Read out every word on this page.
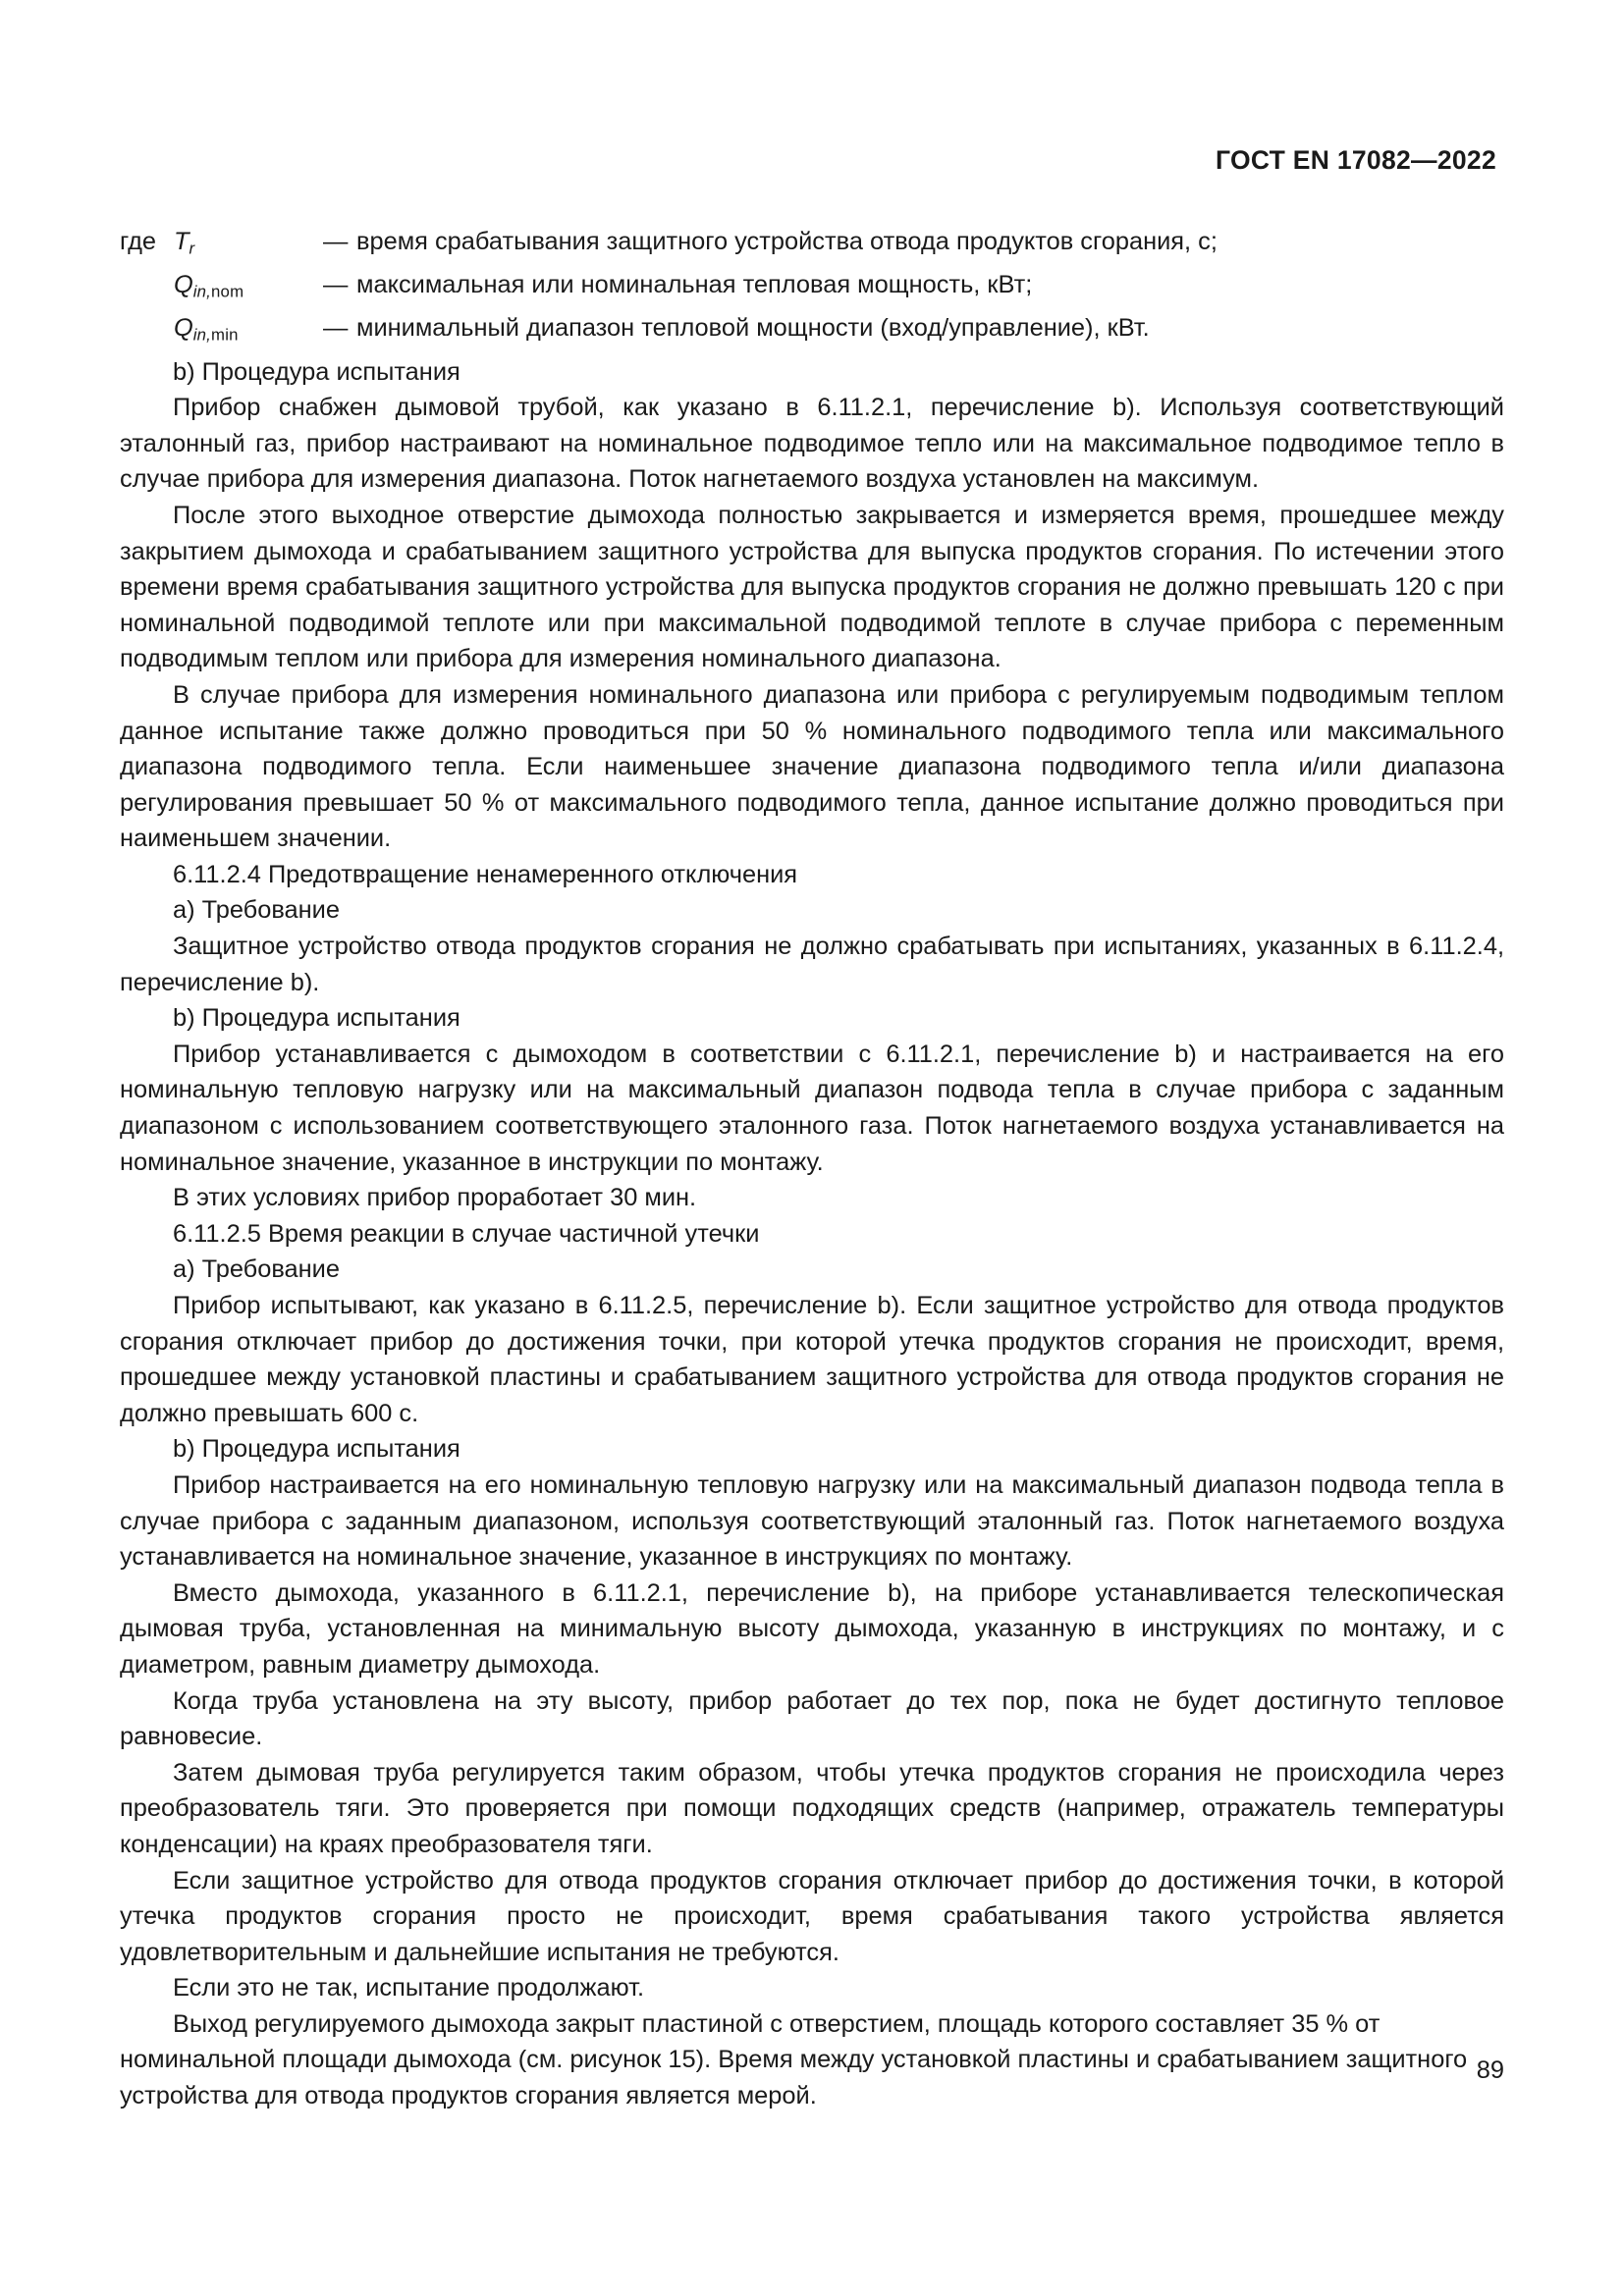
ГОСТ EN 17082—2022
где $T_r$	— время срабатывания защитного устройства отвода продуктов сгорания, с;
$Q_{in,nom}$	— максимальная или номинальная тепловая мощность, кВт;
$Q_{in,min}$	— минимальный диапазон тепловой мощности (вход/управление), кВт.

b) Процедура испытания

Прибор снабжен дымовой трубой, как указано в 6.11.2.1, перечисление b). Используя соответствующий эталонный газ, прибор настраивают на номинальное подводимое тепло или на максимальное подводимое тепло в случае прибора для измерения диапазона. Поток нагнетаемого воздуха установлен на максимум.

После этого выходное отверстие дымохода полностью закрывается и измеряется время, прошедшее между закрытием дымохода и срабатыванием защитного устройства для выпуска продуктов сгорания. По истечении этого времени время срабатывания защитного устройства для выпуска продуктов сгорания не должно превышать 120 с при номинальной подводимой теплоте или при максимальной подводимой теплоте в случае прибора с переменным подводимым теплом или прибора для измерения номинального диапазона.

В случае прибора для измерения номинального диапазона или прибора с регулируемым подводимым теплом данное испытание также должно проводиться при 50 % номинального подводимого тепла или максимального диапазона подводимого тепла. Если наименьшее значение диапазона подводимого тепла и/или диапазона регулирования превышает 50 % от максимального подводимого тепла, данное испытание должно проводиться при наименьшем значении.

6.11.2.4 Предотвращение ненамеренного отключения

a) Требование

Защитное устройство отвода продуктов сгорания не должно срабатывать при испытаниях, указанных в 6.11.2.4, перечисление b).

b) Процедура испытания

Прибор устанавливается с дымоходом в соответствии с 6.11.2.1, перечисление b) и настраивается на его номинальную тепловую нагрузку или на максимальный диапазон подвода тепла в случае прибора с заданным диапазоном с использованием соответствующего эталонного газа. Поток нагнетаемого воздуха устанавливается на номинальное значение, указанное в инструкции по монтажу.

В этих условиях прибор проработает 30 мин.

6.11.2.5 Время реакции в случае частичной утечки

a) Требование

Прибор испытывают, как указано в 6.11.2.5, перечисление b). Если защитное устройство для отвода продуктов сгорания отключает прибор до достижения точки, при которой утечка продуктов сгорания не происходит, время, прошедшее между установкой пластины и срабатыванием защитного устройства для отвода продуктов сгорания не должно превышать 600 с.

b) Процедура испытания

Прибор настраивается на его номинальную тепловую нагрузку или на максимальный диапазон подвода тепла в случае прибора с заданным диапазоном, используя соответствующий эталонный газ. Поток нагнетаемого воздуха устанавливается на номинальное значение, указанное в инструкциях по монтажу.

Вместо дымохода, указанного в 6.11.2.1, перечисление b), на приборе устанавливается телескопическая дымовая труба, установленная на минимальную высоту дымохода, указанную в инструкциях по монтажу, и с диаметром, равным диаметру дымохода.

Когда труба установлена на эту высоту, прибор работает до тех пор, пока не будет достигнуто тепловое равновесие.

Затем дымовая труба регулируется таким образом, чтобы утечка продуктов сгорания не происходила через преобразователь тяги. Это проверяется при помощи подходящих средств (например, отражатель температуры конденсации) на краях преобразователя тяги.

Если защитное устройство для отвода продуктов сгорания отключает прибор до достижения точки, в которой утечка продуктов сгорания просто не происходит, время срабатывания такого устройства является удовлетворительным и дальнейшие испытания не требуются.

Если это не так, испытание продолжают.

Выход регулируемого дымохода закрыт пластиной с отверстием, площадь которого составляет 35 % от номинальной площади дымохода (см. рисунок 15). Время между установкой пластины и срабатыванием защитного устройства для отвода продуктов сгорания является мерой.

89
